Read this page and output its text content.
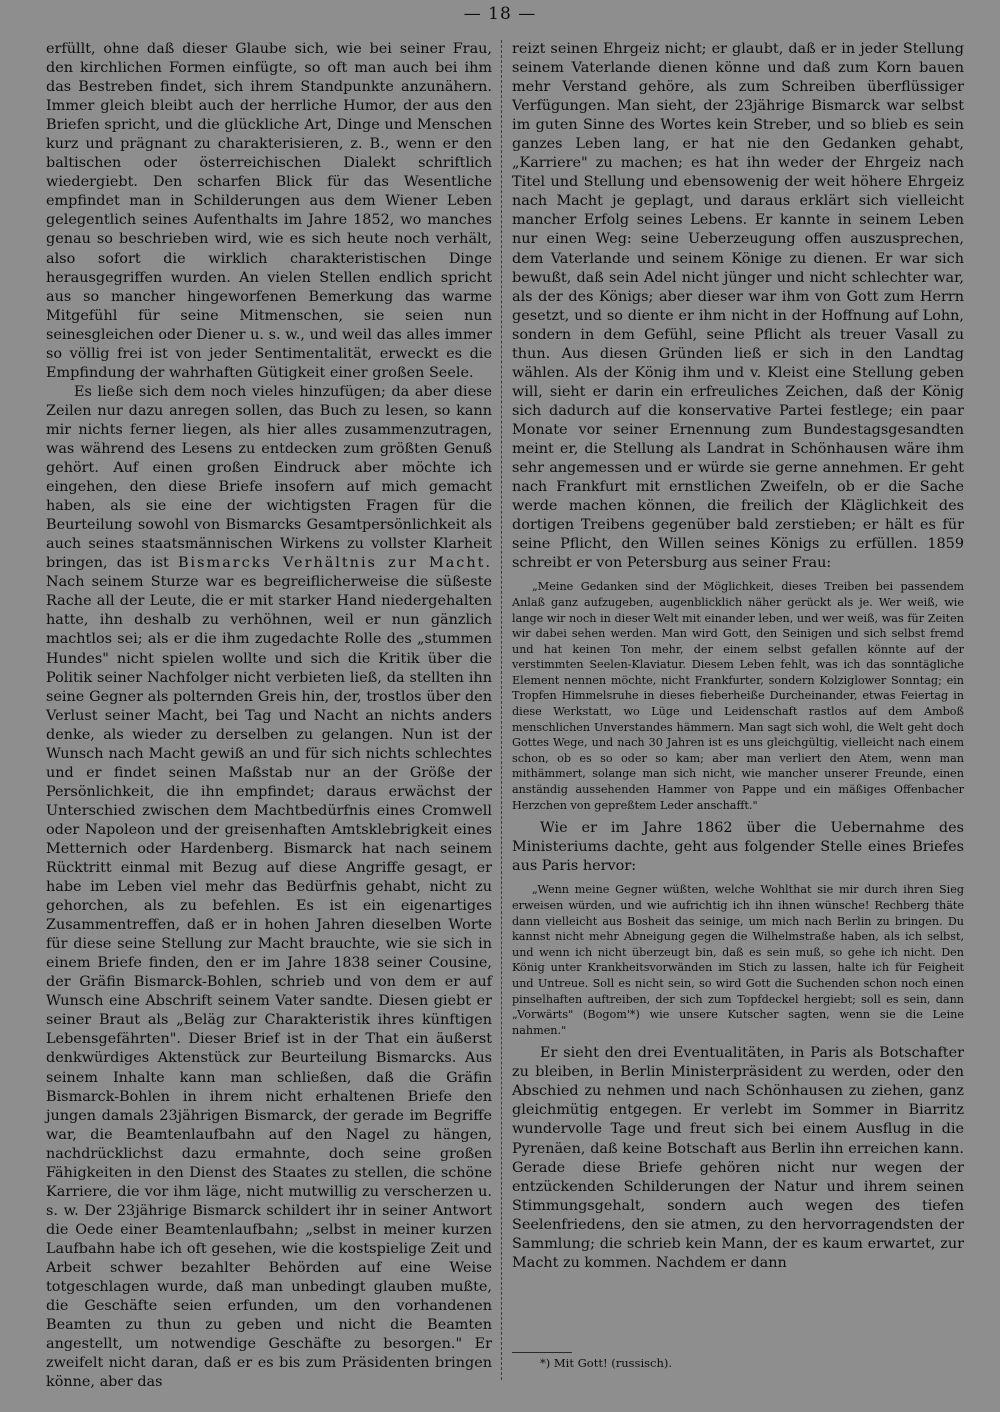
— 18 —

erfüllt, ohne daß dieser Glaube sich, wie bei seiner Frau, den kirchlichen Formen einfügte, so oft man auch bei ihm das Bestreben findet, sich ihrem Standpunkte anzunähern. Immer gleich bleibt auch der herrliche Humor, der aus den Briefen spricht, und die glückliche Art, Dinge und Menschen kurz und prägnant zu charakterisieren, z. B., wenn er den baltischen oder österreichischen Dialekt schriftlich wiedergiebt. Den scharfen Blick für das Wesentliche empfindet man in Schilderungen aus dem Wiener Leben gelegentlich seines Aufenthalts im Jahre 1852, wo manches genau so beschrieben wird, wie es sich heute noch verhält, also sofort die wirklich charakteristischen Dinge herausgegriffen wurden. An vielen Stellen endlich spricht aus so mancher hingeworfenen Bemerkung das warme Mitgefühl für seine Mitmenschen, sie seien nun seinesgleichen oder Diener u. s. w., und weil das alles immer so völlig frei ist von jeder Sentimentalität, erweckt es die Empfindung der wahrhaften Gütigkeit einer großen Seele.

Es ließe sich dem noch vieles hinzufügen; da aber diese Zeilen nur dazu anregen sollen, das Buch zu lesen, so kann mir nichts ferner liegen, als hier alles zusammenzutragen, was während des Lesens zu entdecken zum größten Genuß gehört. Auf einen großen Eindruck aber möchte ich eingehen, den diese Briefe insofern auf mich gemacht haben, als sie eine der wichtigsten Fragen für die Beurteilung sowohl von Bismarcks Gesamtpersönlichkeit als auch seines staatsmännischen Wirkens zu vollster Klarheit bringen, das ist Bismarcks Verhältnis zur Macht. Nach seinem Sturze war es begreiflicherweise die süßeste Rache all der Leute, die er mit starker Hand niedergehalten hatte, ihn deshalb zu verhöhnen, weil er nun gänzlich machtlos sei; als er die ihm zugedachte Rolle des „stummen Hundes" nicht spielen wollte und sich die Kritik über die Politik seiner Nachfolger nicht verbieten ließ, da stellten ihn seine Gegner als polternden Greis hin, der, trostlos über den Verlust seiner Macht, bei Tag und Nacht an nichts anders denke, als wieder zu derselben zu gelangen. Nun ist der Wunsch nach Macht gewiß an und für sich nichts schlechtes und er findet seinen Maßstab nur an der Größe der Persönlichkeit, die ihn empfindet; daraus erwächst der Unterschied zwischen dem Machtbedürfnis eines Cromwell oder Napoleon und der greisenhaften Amtsklebrigkeit eines Metternich oder Hardenberg. Bismarck hat nach seinem Rücktritt einmal mit Bezug auf diese Angriffe gesagt, er habe im Leben viel mehr das Bedürfnis gehabt, nicht zu gehorchen, als zu befehlen. Es ist ein eigenartiges Zusammentreffen, daß er in hohen Jahren dieselben Worte für diese seine Stellung zur Macht brauchte, wie sie sich in einem Briefe finden, den er im Jahre 1838 seiner Cousine, der Gräfin Bismarck-Bohlen, schrieb und von dem er auf Wunsch eine Abschrift seinem Vater sandte. Diesen giebt er seiner Braut als „Beläg zur Charakteristik ihres künftigen Lebensgefährten". Dieser Brief ist in der That ein äußerst denkwürdiges Aktenstück zur Beurteilung Bismarcks. Aus seinem Inhalte kann man schließen, daß die Gräfin Bismarck-Bohlen in ihrem nicht erhaltenen Briefe den jungen damals 23jährigen Bismarck, der gerade im Begriffe war, die Beamtenlaufbahn auf den Nagel zu hängen, nachdrücklichst dazu ermahnte, doch seine großen Fähigkeiten in den Dienst des Staates zu stellen, die schöne Karriere, die vor ihm läge, nicht mutwillig zu verscherzen u. s. w. Der 23jährige Bismarck schildert ihr in seiner Antwort die Oede einer Beamtenlaufbahn; „selbst in meiner kurzen Laufbahn habe ich oft gesehen, wie die kostspielige Zeit und Arbeit schwer bezahlter Behörden auf eine Weise totgeschlagen wurde, daß man unbedingt glauben mußte, die Geschäfte seien erfunden, um den vorhandenen Beamten zu thun zu geben und nicht die Beamten angestellt, um notwendige Geschäfte zu besorgen." Er zweifelt nicht daran, daß er es bis zum Präsidenten bringen könne, aber das

reizt seinen Ehrgeiz nicht; er glaubt, daß er in jeder Stellung seinem Vaterlande dienen könne und daß zum Korn bauen mehr Verstand gehöre, als zum Schreiben überflüssiger Verfügungen. Man sieht, der 23jährige Bismarck war selbst im guten Sinne des Wortes kein Streber, und so blieb es sein ganzes Leben lang, er hat nie den Gedanken gehabt, „Karriere" zu machen; es hat ihn weder der Ehrgeiz nach Titel und Stellung und ebensowenig der weit höhere Ehrgeiz nach Macht je geplagt, und daraus erklärt sich vielleicht mancher Erfolg seines Lebens. Er kannte in seinem Leben nur einen Weg: seine Ueberzeugung offen auszusprechen, dem Vaterlande und seinem Könige zu dienen. Er war sich bewußt, daß sein Adel nicht jünger und nicht schlechter war, als der des Königs; aber dieser war ihm von Gott zum Herrn gesetzt, und so diente er ihm nicht in der Hoffnung auf Lohn, sondern in dem Gefühl, seine Pflicht als treuer Vasall zu thun. Aus diesen Gründen ließ er sich in den Landtag wählen. Als der König ihm und v. Kleist eine Stellung geben will, sieht er darin ein erfreuliches Zeichen, daß der König sich dadurch auf die konservative Partei festlege; ein paar Monate vor seiner Ernennung zum Bundestagsgesandten meint er, die Stellung als Landrat in Schönhausen wäre ihm sehr angemessen und er würde sie gerne annehmen. Er geht nach Frankfurt mit ernstlichen Zweifeln, ob er die Sache werde machen können, die freilich der Kläglichkeit des dortigen Treibens gegenüber bald zerstieben; er hält es für seine Pflicht, den Willen seines Königs zu erfüllen. 1859 schreibt er von Petersburg aus seiner Frau:

„Meine Gedanken sind der Möglichkeit, dieses Treiben bei passendem Anlaß ganz aufzugeben, augenblicklich näher gerückt als je. Wer weiß, wie lange wir noch in dieser Welt mit einander leben, und wer weiß, was für Zeiten wir dabei sehen werden. Man wird Gott, den Seinigen und sich selbst fremd und hat keinen Ton mehr, der einem selbst gefallen könnte auf der verstimmten Seelen-Klaviatur. Diesem Leben fehlt, was ich das sonntägliche Element nennen möchte, nicht Frankfurter, sondern Kolziglower Sonntag; ein Tropfen Himmelsruhe in dieses fieberheiße Durcheinander, etwas Feiertag in diese Werkstatt, wo Lüge und Leidenschaft rastlos auf dem Amboß menschlichen Unverstandes hämmern. Man sagt sich wohl, die Welt geht doch Gottes Wege, und nach 30 Jahren ist es uns gleichgültig, vielleicht nach einem schon, ob es so oder so kam; aber man verliert den Atem, wenn man mithämmert, solange man sich nicht, wie mancher unserer Freunde, einen anständig aussehenden Hammer von Pappe und ein mäßiges Offenbacher Herzchen von gepreßtem Leder anschafft."

Wie er im Jahre 1862 über die Uebernahme des Ministeriums dachte, geht aus folgender Stelle eines Briefes aus Paris hervor:

„Wenn meine Gegner wüßten, welche Wohlthat sie mir durch ihren Sieg erweisen würden, und wie aufrichtig ich ihn ihnen wünsche! Rechberg thäte dann vielleicht aus Bosheit das seinige, um mich nach Berlin zu bringen. Du kannst nicht mehr Abneigung gegen die Wilhelmstraße haben, als ich selbst, und wenn ich nicht überzeugt bin, daß es sein muß, so gehe ich nicht. Den König unter Krankheitsvorwänden im Stich zu lassen, halte ich für Feigheit und Untreue. Soll es nicht sein, so wird Gott die Suchenden schon noch einen pinselhaften auftreiben, der sich zum Topfdeckel hergiebt; soll es sein, dann „Vorwärts" (Bogom'*) wie unsere Kutscher sagten, wenn sie die Leine nahmen."

Er sieht den drei Eventualitäten, in Paris als Botschafter zu bleiben, in Berlin Ministerpräsident zu werden, oder den Abschied zu nehmen und nach Schönhausen zu ziehen, ganz gleichmütig entgegen. Er verlebt im Sommer in Biarritz wundervolle Tage und freut sich bei einem Ausflug in die Pyrenäen, daß keine Botschaft aus Berlin ihn erreichen kann. Gerade diese Briefe gehören nicht nur wegen der entzückenden Schilderungen der Natur und ihrem seinen Stimmungsgehalt, sondern auch wegen des tiefen Seelenfriedens, den sie atmen, zu den hervorragendsten der Sammlung; die schrieb kein Mann, der es kaum erwartet, zur Macht zu kommen. Nachdem er dann

*) Mit Gott! (russisch).
